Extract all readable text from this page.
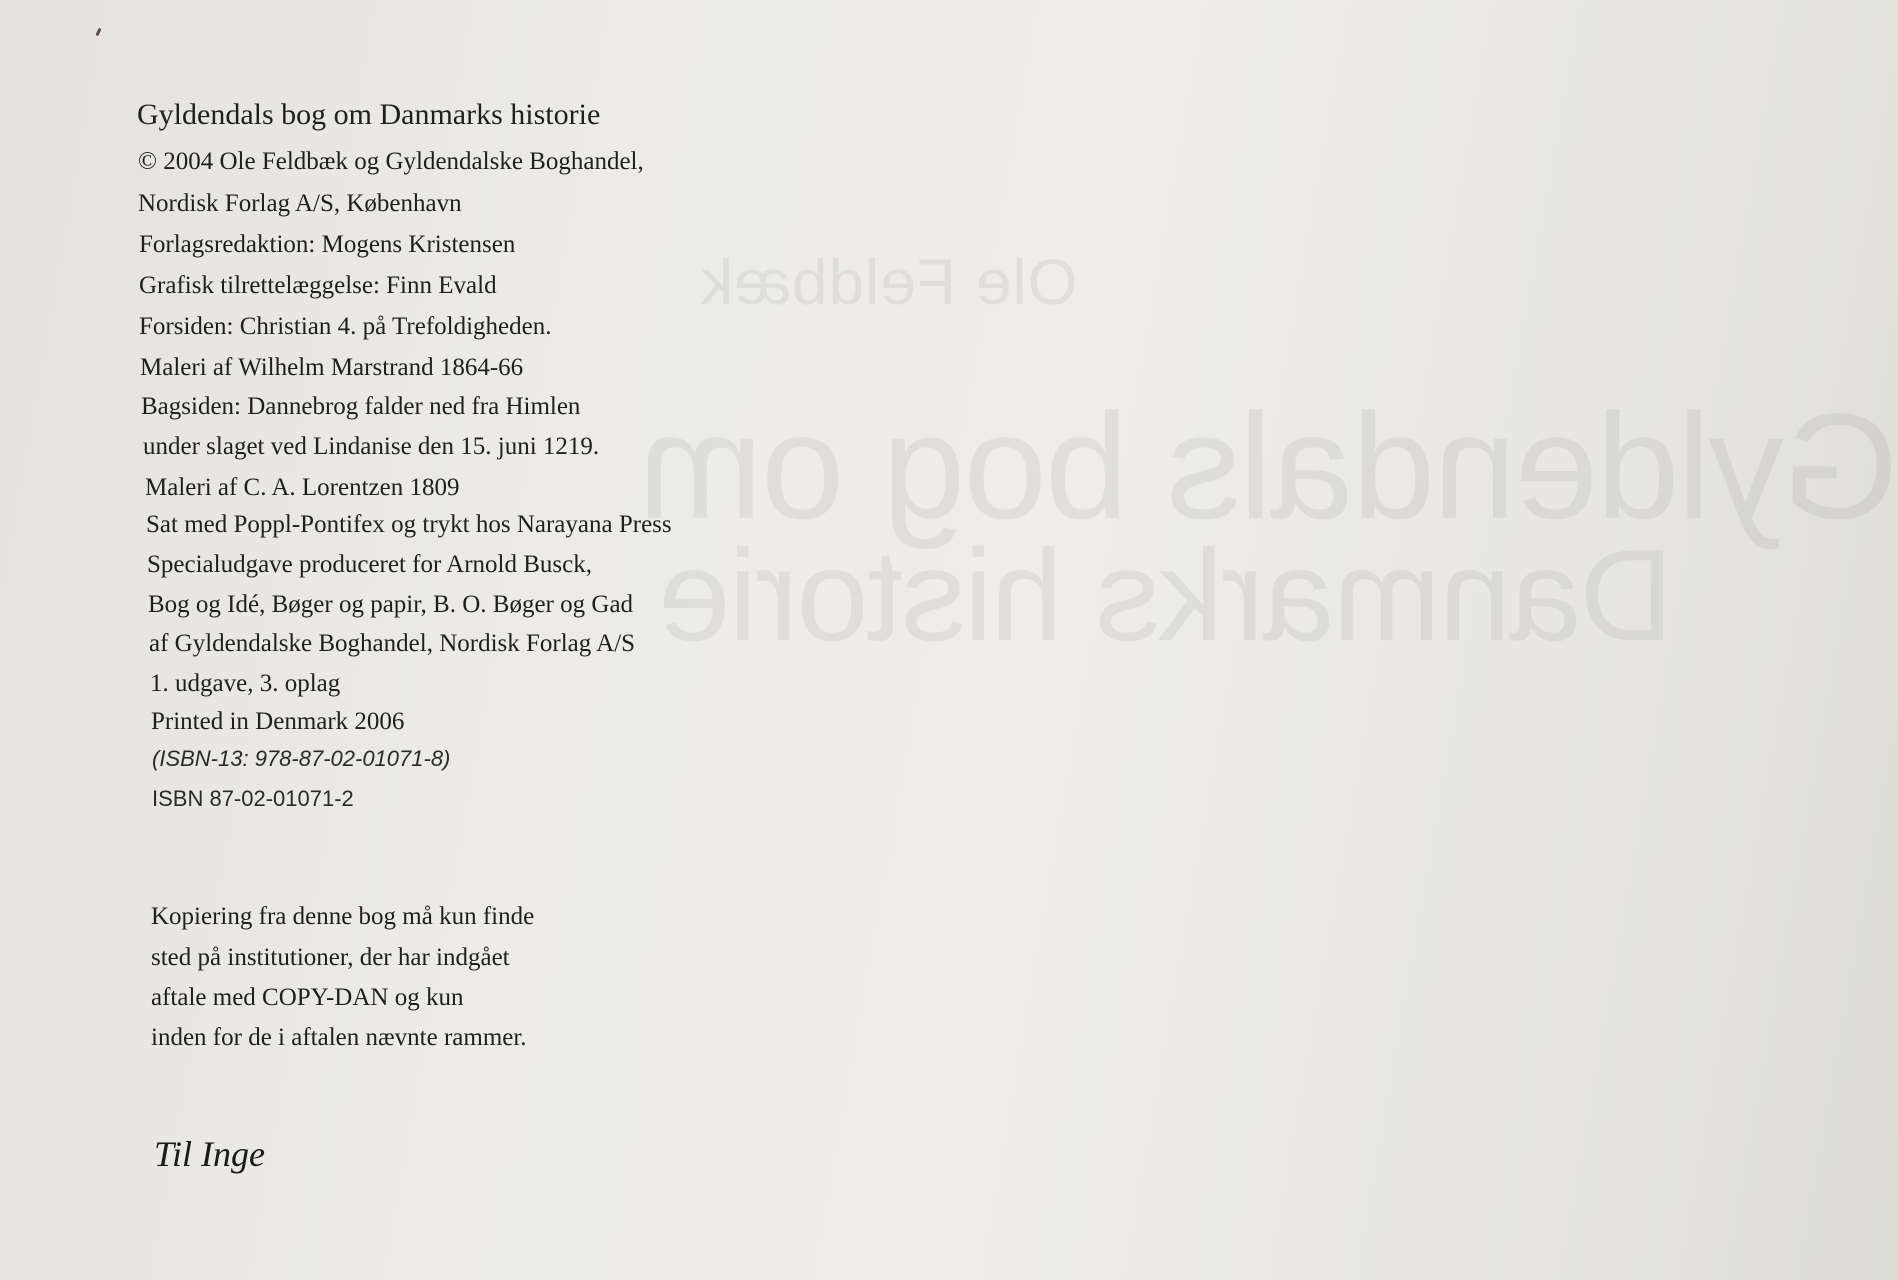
Ole Feldbæk
Gyldendals bog om
Danmarks historie

Gyldendals bog om Danmarks historie

© 2004 Ole Feldbæk og Gyldendalske Boghandel,

Nordisk Forlag A/S, København

Forlagsredaktion: Mogens Kristensen

Grafisk tilrettelæggelse: Finn Evald

Forsiden: Christian 4. på Trefoldigheden.

Maleri af Wilhelm Marstrand 1864-66

Bagsiden: Dannebrog falder ned fra Himlen

under slaget ved Lindanise den 15. juni 1219.

Maleri af C. A. Lorentzen 1809

Sat med Poppl-Pontifex og trykt hos Narayana Press

Specialudgave produceret for Arnold Busck,

Bog og Idé, Bøger og papir, B. O. Bøger og Gad

af Gyldendalske Boghandel, Nordisk Forlag A/S

1. udgave, 3. oplag

Printed in Denmark 2006

(ISBN-13: 978-87-02-01071-8)

ISBN 87-02-01071-2

Kopiering fra denne bog må kun finde

sted på institutioner, der har indgået

aftale med COPY-DAN og kun

inden for de i aftalen nævnte rammer.

Til Inge
